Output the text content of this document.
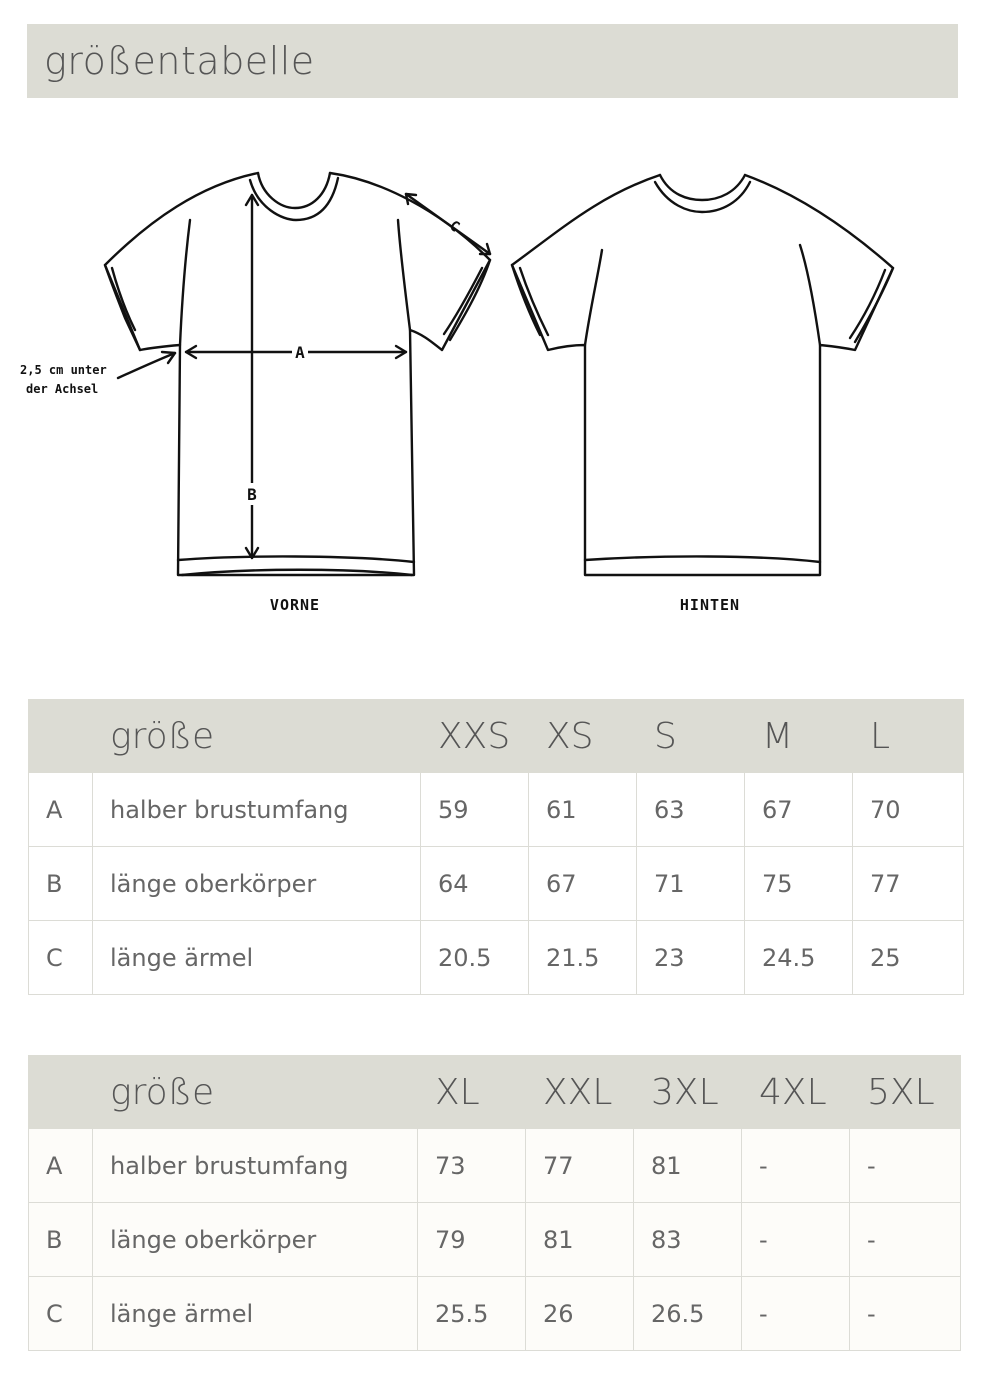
größentabelle
A
B
C
2,5 cm unter
der Achsel
VORNE	HINTEN
	größe	XXS	XS	S	M	L
A	halber brustumfang	59	61	63	67	70
B	länge oberkörper	64	67	71	75	77
C	länge ärmel	20.5	21.5	23	24.5	25
	größe	XL	XXL	3XL	4XL	5XL
A	halber brustumfang	73	77	81	-	-
B	länge oberkörper	79	81	83	-	-
C	länge ärmel	25.5	26	26.5	-	-
